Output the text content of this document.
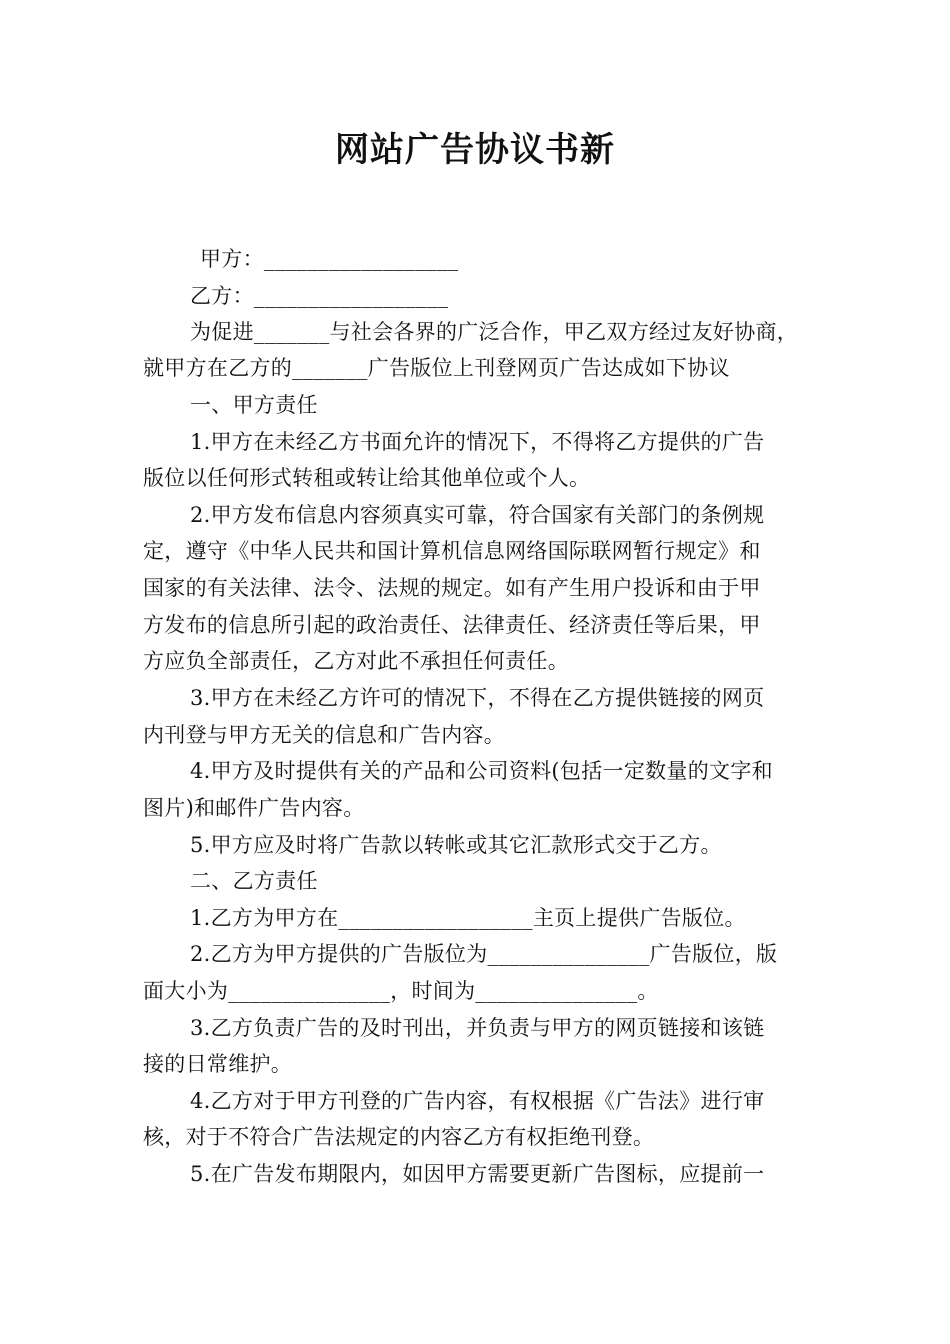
网站广告协议书新
甲方：__________________
乙方：__________________
为促进_______与社会各界的广泛合作，甲乙双方经过友好协商，
就甲方在乙方的_______广告版位上刊登网页广告达成如下协议
一、甲方责任
1.甲方在未经乙方书面允许的情况下，不得将乙方提供的广告
版位以任何形式转租或转让给其他单位或个人。
2.甲方发布信息内容须真实可靠，符合国家有关部门的条例规
定，遵守《中华人民共和国计算机信息网络国际联网暂行规定》和
国家的有关法律、法令、法规的规定。如有产生用户投诉和由于甲
方发布的信息所引起的政治责任、法律责任、经济责任等后果，甲
方应负全部责任，乙方对此不承担任何责任。
3.甲方在未经乙方许可的情况下，不得在乙方提供链接的网页
内刊登与甲方无关的信息和广告内容。
4.甲方及时提供有关的产品和公司资料(包括一定数量的文字和
图片)和邮件广告内容。
5.甲方应及时将广告款以转帐或其它汇款形式交于乙方。
二、乙方责任
1.乙方为甲方在__________________主页上提供广告版位。
2.乙方为甲方提供的广告版位为_______________广告版位，版
面大小为_______________，时间为_______________。
3.乙方负责广告的及时刊出，并负责与甲方的网页链接和该链
接的日常维护。
4.乙方对于甲方刊登的广告内容，有权根据《广告法》进行审
核，对于不符合广告法规定的内容乙方有权拒绝刊登。
5.在广告发布期限内，如因甲方需要更新广告图标，应提前一
